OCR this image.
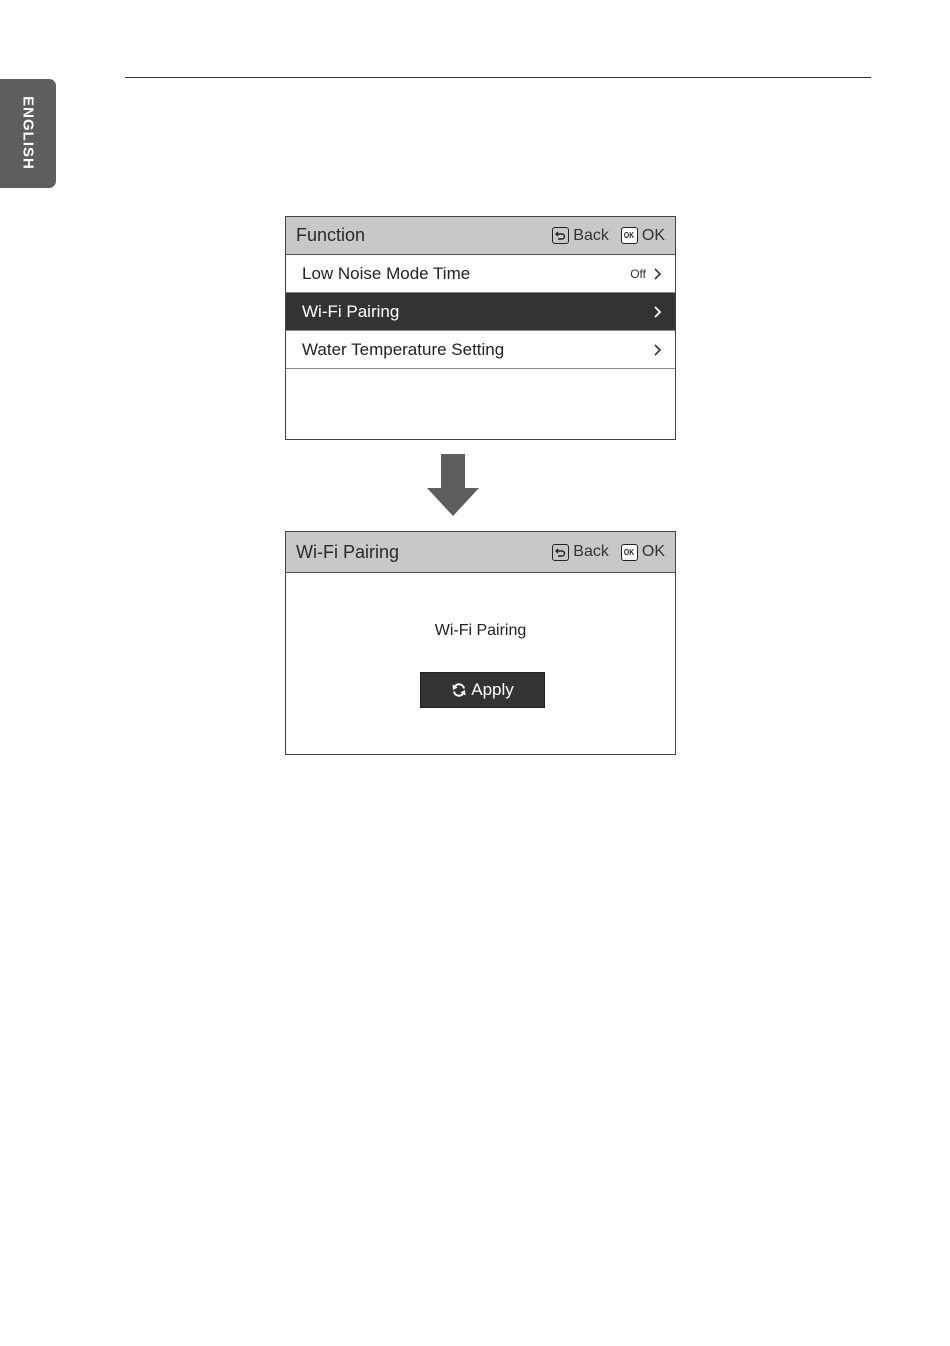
ENGLISH
Function	Back OK OK
Low Noise Mode Time	Off
Wi-Fi Pairing
Water Temperature Setting
Wi-Fi Pairing	Back OK OK
Wi-Fi Pairing
Apply
